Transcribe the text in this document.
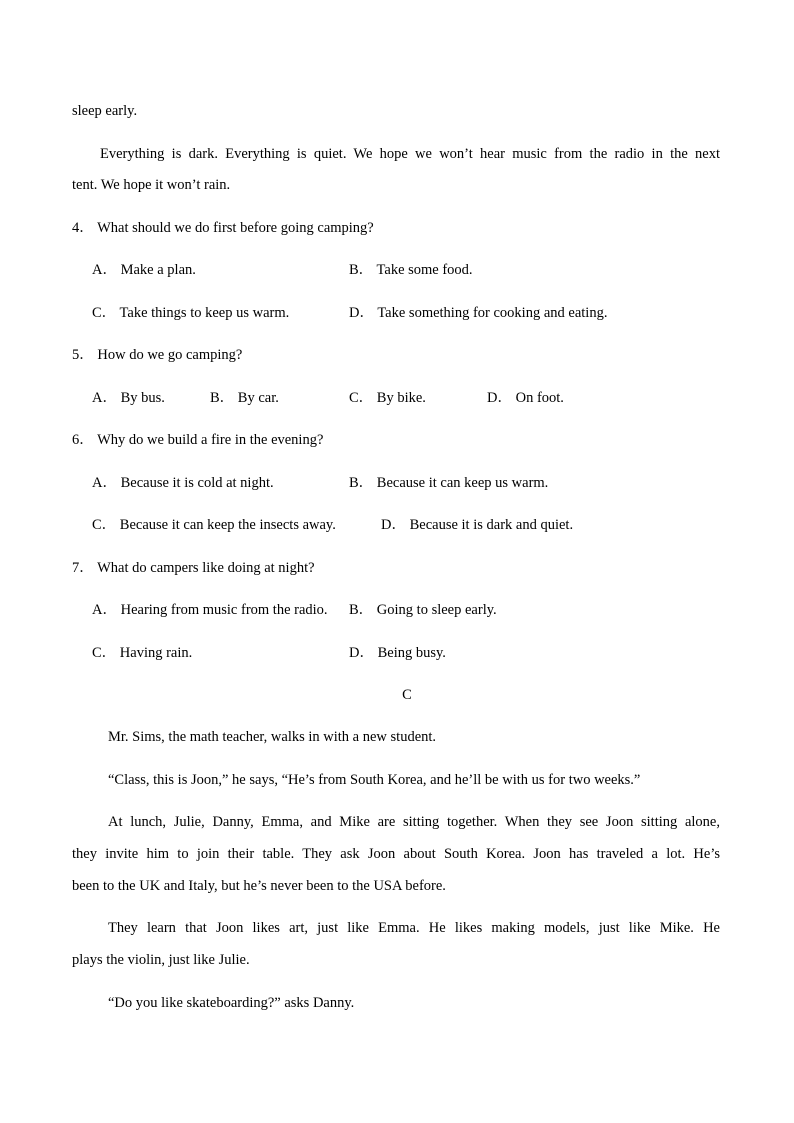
sleep early.

Everything is dark. Everything is quiet. We hope we won’t hear music from the radio in the next

tent. We hope it won’t rain.

4． What should we do first before going camping?

A． Make a plan.	B． Take some food.

C． Take things to keep us warm.	D． Take something for cooking and eating.

5． How do we go camping?

A． By bus.	B． By car.	C． By bike.	D． On foot.

6． Why do we build a fire in the evening?

A． Because it is cold at night.	B． Because it can keep us warm.

C． Because it can keep the insects away.	D． Because it is dark and quiet.

7． What do campers like doing at night?

A． Hearing from music from the radio. B． Going to sleep early.

C． Having rain.	D． Being busy.

C

Mr. Sims, the math teacher, walks in with a new student.

“Class, this is Joon,” he says, “He’s from South Korea, and he’ll be with us for two weeks.”

At lunch, Julie, Danny, Emma, and Mike are sitting together. When they see Joon sitting alone,

they invite him to join their table. They ask Joon about South Korea. Joon has traveled a lot. He’s

been to the UK and Italy, but he’s never been to the USA before.

They learn that Joon likes art, just like Emma. He likes making models, just like Mike. He

plays the violin, just like Julie.

“Do you like skateboarding?” asks Danny.
